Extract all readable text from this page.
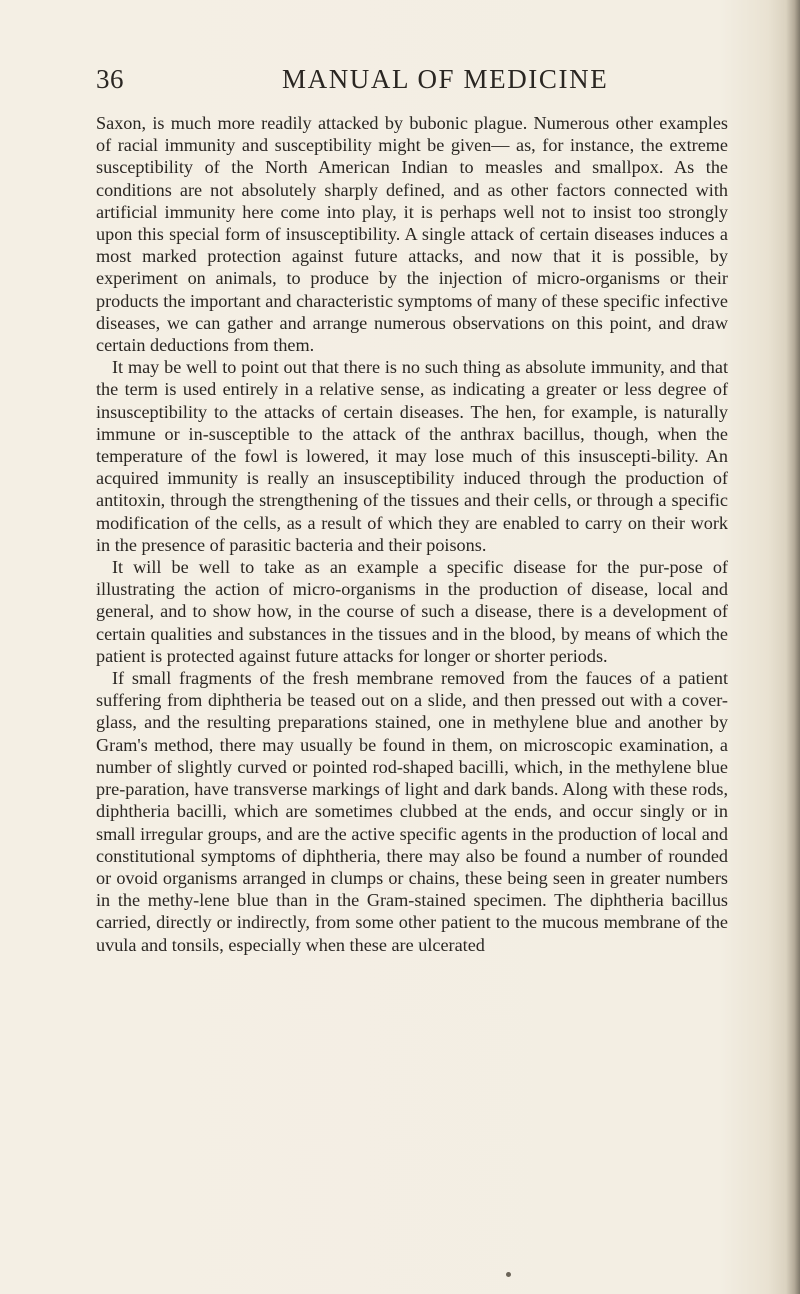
36	MANUAL OF MEDICINE

Saxon, is much more readily attacked by bubonic plague. Numerous other examples of racial immunity and susceptibility might be given— as, for instance, the extreme susceptibility of the North American Indian to measles and smallpox. As the conditions are not absolutely sharply defined, and as other factors connected with artificial immunity here come into play, it is perhaps well not to insist too strongly upon this special form of insusceptibility. A single attack of certain diseases induces a most marked protection against future attacks, and now that it is possible, by experiment on animals, to produce by the injection of micro-organisms or their products the important and characteristic symptoms of many of these specific infective diseases, we can gather and arrange numerous observations on this point, and draw certain deductions from them.

It may be well to point out that there is no such thing as absolute immunity, and that the term is used entirely in a relative sense, as indicating a greater or less degree of insusceptibility to the attacks of certain diseases. The hen, for example, is naturally immune or in-susceptible to the attack of the anthrax bacillus, though, when the temperature of the fowl is lowered, it may lose much of this insuscepti-bility. An acquired immunity is really an insusceptibility induced through the production of antitoxin, through the strengthening of the tissues and their cells, or through a specific modification of the cells, as a result of which they are enabled to carry on their work in the presence of parasitic bacteria and their poisons.

It will be well to take as an example a specific disease for the pur-pose of illustrating the action of micro-organisms in the production of disease, local and general, and to show how, in the course of such a disease, there is a development of certain qualities and substances in the tissues and in the blood, by means of which the patient is protected against future attacks for longer or shorter periods.

If small fragments of the fresh membrane removed from the fauces of a patient suffering from diphtheria be teased out on a slide, and then pressed out with a cover-glass, and the resulting preparations stained, one in methylene blue and another by Gram's method, there may usually be found in them, on microscopic examination, a number of slightly curved or pointed rod-shaped bacilli, which, in the methylene blue pre-paration, have transverse markings of light and dark bands. Along with these rods, diphtheria bacilli, which are sometimes clubbed at the ends, and occur singly or in small irregular groups, and are the active specific agents in the production of local and constitutional symptoms of diphtheria, there may also be found a number of rounded or ovoid organisms arranged in clumps or chains, these being seen in greater numbers in the methy-lene blue than in the Gram-stained specimen. The diphtheria bacillus carried, directly or indirectly, from some other patient to the mucous membrane of the uvula and tonsils, especially when these are ulcerated
